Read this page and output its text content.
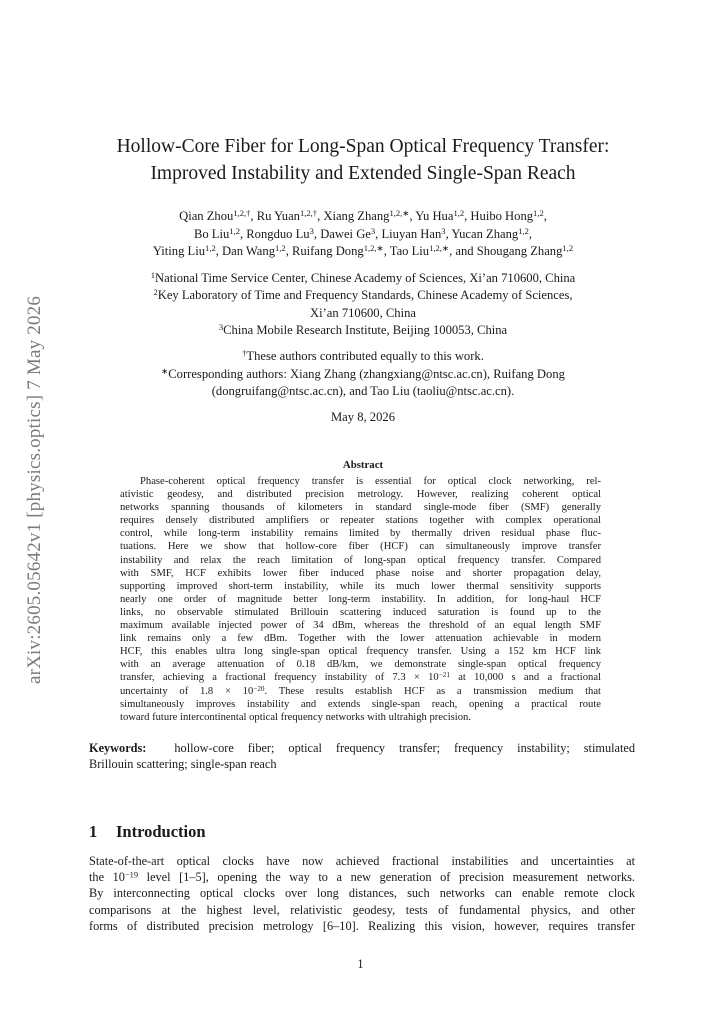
arXiv:2605.05642v1 [physics.optics] 7 May 2026
Hollow-Core Fiber for Long-Span Optical Frequency Transfer:
Improved Instability and Extended Single-Span Reach
Qian Zhou$^{1,2,\dagger}$, Ru Yuan$^{1,2,\dagger}$, Xiang Zhang$^{1,2,∗}$, Yu Hua$^{1,2}$, Huibo Hong$^{1,2}$,
Bo Liu$^{1,2}$, Rongduo Lu$^3$, Dawei Ge$^3$, Liuyan Han$^3$, Yucan Zhang$^{1,2}$,
Yiting Liu$^{1,2}$, Dan Wang$^{1,2}$, Ruifang Dong$^{1,2,∗}$, Tao Liu$^{1,2,∗}$, and Shougang Zhang$^{1,2}$
$^1$National Time Service Center, Chinese Academy of Sciences, Xi’an 710600, China
$^2$Key Laboratory of Time and Frequency Standards, Chinese Academy of Sciences,
Xi’an 710600, China
$^3$China Mobile Research Institute, Beijing 100053, China
†These authors contributed equally to this work.
∗Corresponding authors: Xiang Zhang (zhangxiang@ntsc.ac.cn), Ruifang Dong
(dongruifang@ntsc.ac.cn), and Tao Liu (taoliu@ntsc.ac.cn).
May 8, 2026
Abstract
Phase-coherent optical frequency transfer is essential for optical clock networking, rel-
ativistic geodesy, and distributed precision metrology. However, realizing coherent optical
networks spanning thousands of kilometers in standard single-mode fiber (SMF) generally
requires densely distributed amplifiers or repeater stations together with complex operational
control, while long-term instability remains limited by thermally driven residual phase fluc-
tuations. Here we show that hollow-core fiber (HCF) can simultaneously improve transfer
instability and relax the reach limitation of long-span optical frequency transfer. Compared
with SMF, HCF exhibits lower fiber induced phase noise and shorter propagation delay,
supporting improved short-term instability, while its much lower thermal sensitivity supports
nearly one order of magnitude better long-term instability. In addition, for long-haul HCF
links, no observable stimulated Brillouin scattering induced saturation is found up to the
maximum available injected power of 34 dBm, whereas the threshold of an equal length SMF
link remains only a few dBm. Together with the lower attenuation achievable in modern
HCF, this enables ultra long single-span optical frequency transfer. Using a 152 km HCF link
with an average attenuation of 0.18 dB/km, we demonstrate single-span optical frequency
transfer, achieving a fractional frequency instability of $7.3 \times 10^{-21}$ at 10,000 s and a fractional
uncertainty of $1.8 \times 10^{-20}$. These results establish HCF as a transmission medium that
simultaneously improves instability and extends single-span reach, opening a practical route
toward future intercontinental optical frequency networks with ultrahigh precision.
Keywords: hollow-core fiber; optical frequency transfer; frequency instability; stimulated
Brillouin scattering; single-span reach
1 Introduction
State-of-the-art optical clocks have now achieved fractional instabilities and uncertainties at
the $10^{-19}$ level [1–5], opening the way to a new generation of precision measurement networks.
By interconnecting optical clocks over long distances, such networks can enable remote clock
comparisons at the highest level, relativistic geodesy, tests of fundamental physics, and other
forms of distributed precision metrology [6–10]. Realizing this vision, however, requires transfer
1
